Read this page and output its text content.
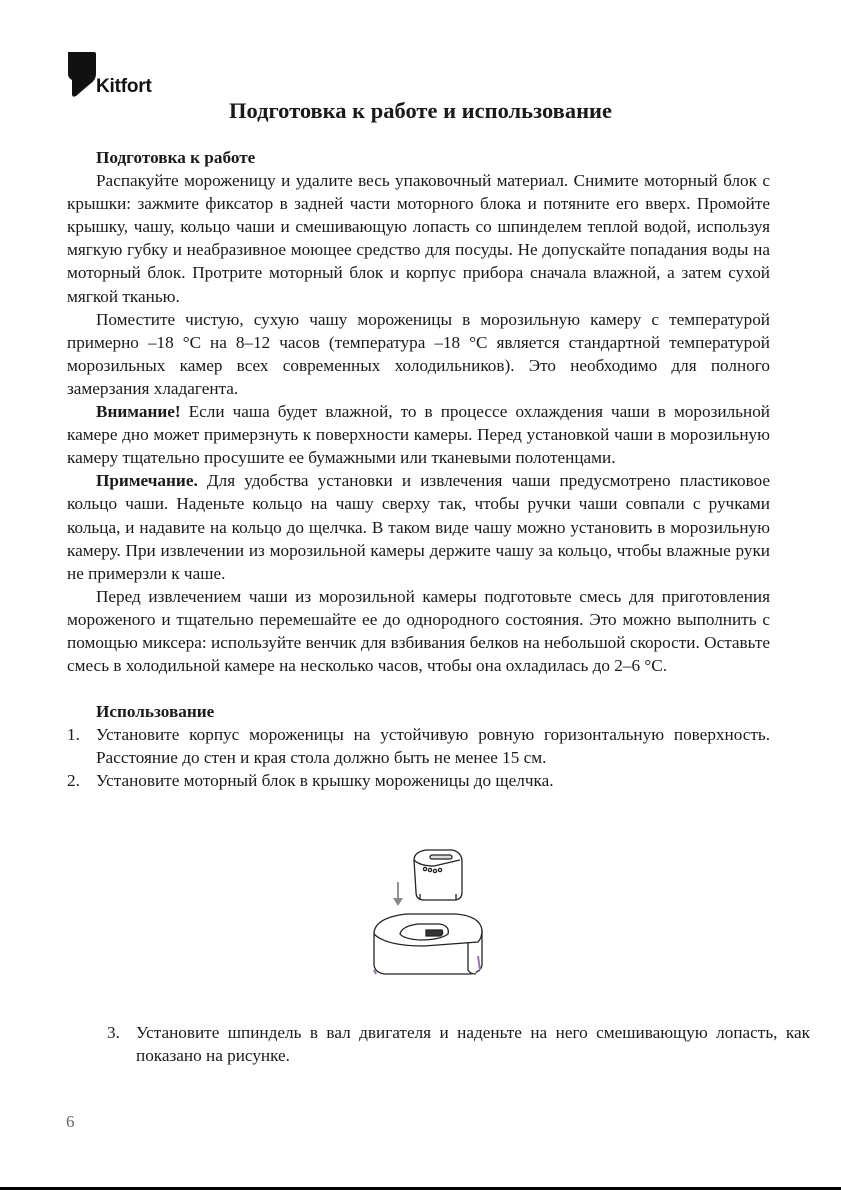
Kitfort
Подготовка к работе и использование

Подготовка к работе

Распакуйте мороженицу и удалите весь упаковочный материал. Снимите моторный блок с крышки: зажмите фиксатор в задней части моторного блока и потяните его вверх. Промойте крышку, чашу, кольцо чаши и смешивающую лопасть со шпинделем теплой водой, используя мягкую губку и неабразивное моющее средство для посуды. Не допускайте попадания воды на моторный блок. Протрите моторный блок и корпус прибора сначала влажной, а затем сухой мягкой тканью.

Поместите чистую, сухую чашу мороженицы в морозильную камеру с температурой примерно –18 °C на 8–12 часов (температура –18 °C является стандартной температурой морозильных камер всех современных холодильников). Это необходимо для полного замерзания хладагента.

Внимание! Если чаша будет влажной, то в процессе охлаждения чаши в морозильной камере дно может примерзнуть к поверхности камеры. Перед установкой чаши в морозильную камеру тщательно просушите ее бумажными или тканевыми полотенцами.

Примечание. Для удобства установки и извлечения чаши предусмотрено пластиковое кольцо чаши. Наденьте кольцо на чашу сверху так, чтобы ручки чаши совпали с ручками кольца, и надавите на кольцо до щелчка. В таком виде чашу можно установить в морозильную камеру. При извлечении из морозильной камеры держите чашу за кольцо, чтобы влажные руки не примерзли к чаше.

Перед извлечением чаши из морозильной камеры подготовьте смесь для приготовления мороженого и тщательно перемешайте ее до однородного состояния. Это можно выполнить с помощью миксера: используйте венчик для взбивания белков на небольшой скорости. Оставьте смесь в холодильной камере на несколько часов, чтобы она охладилась до 2–6 °C.

Использование

1. Установите корпус мороженицы на устойчивую ровную горизонтальную поверхность. Расстояние до стен и края стола должно быть не менее 15 см.
2. Установите моторный блок в крышку мороженицы до щелчка.
3. Установите шпиндель в вал двигателя и наденьте на него смешивающую лопасть, как показано на рисунке.
6
